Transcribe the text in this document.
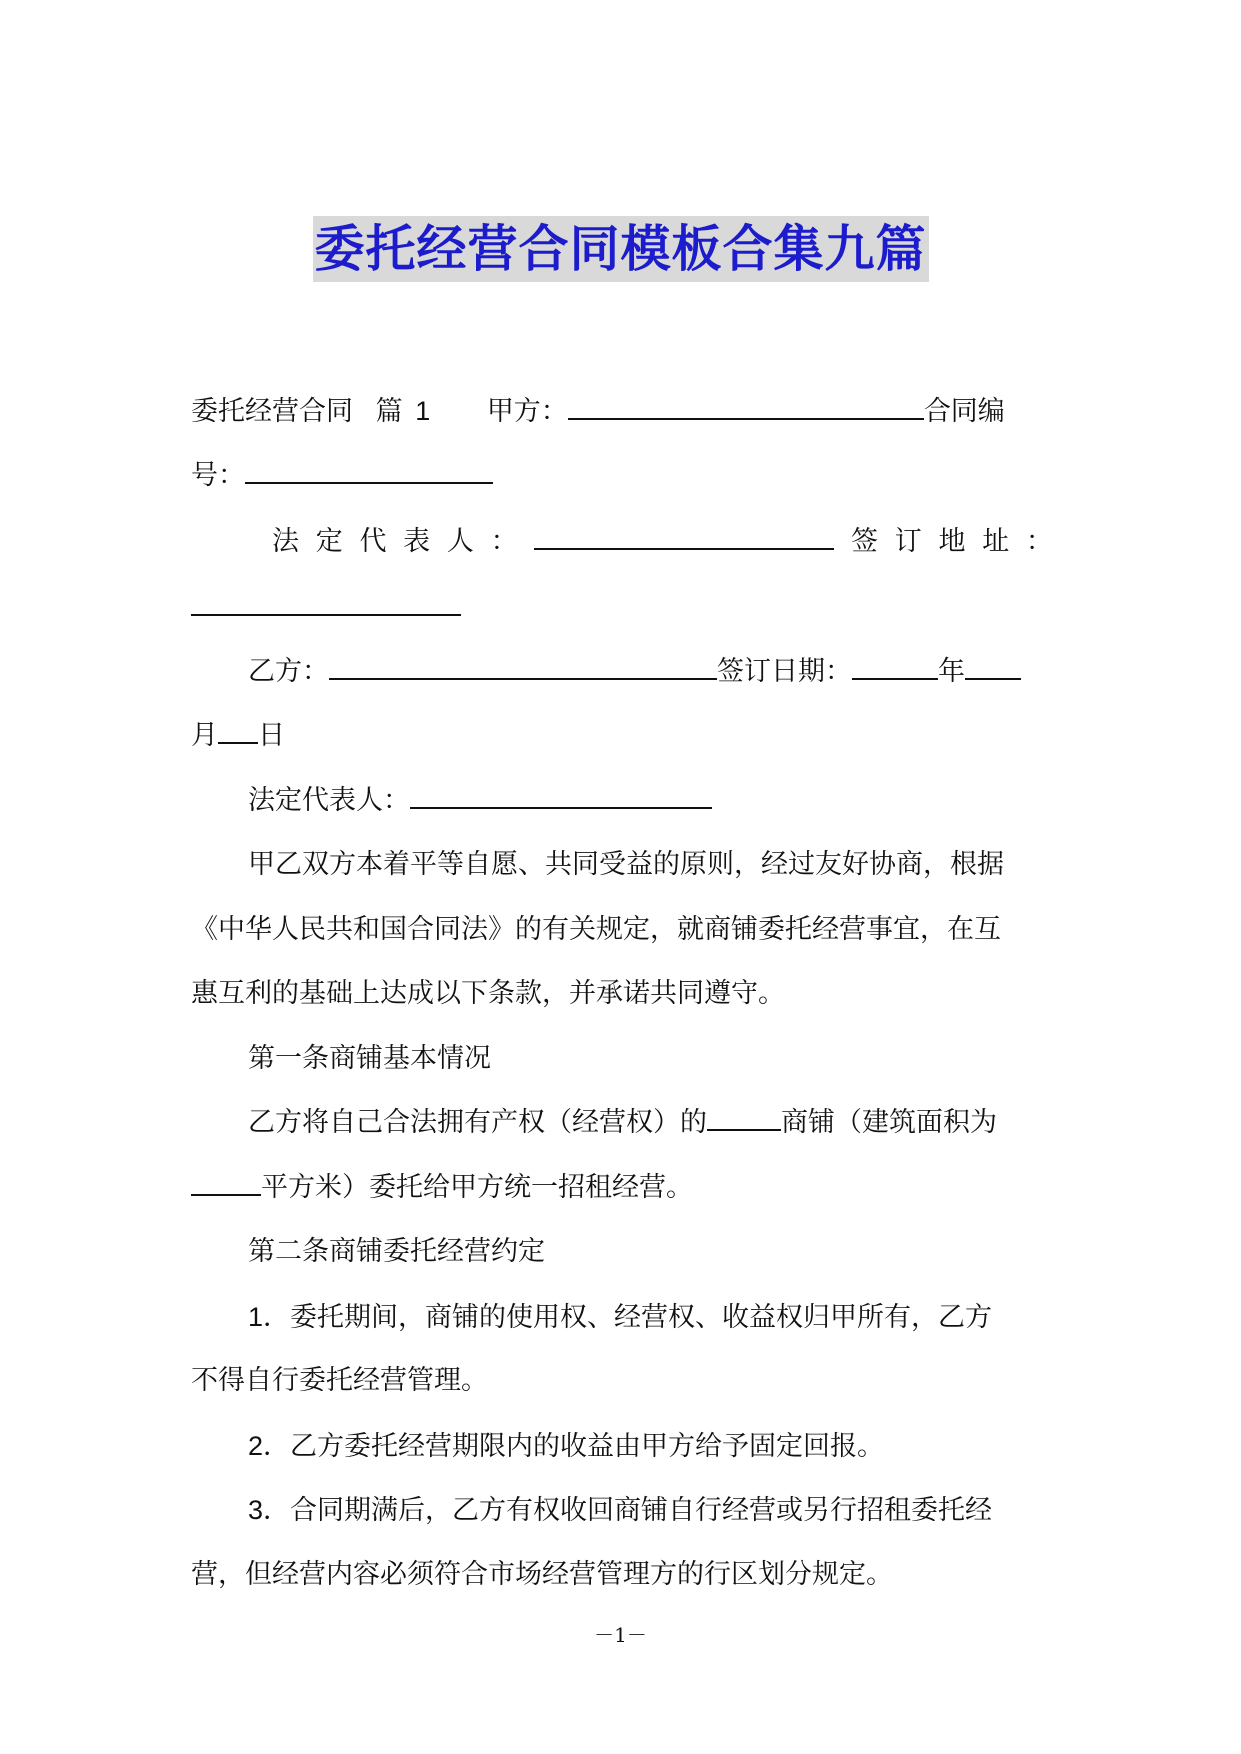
委托经营合同模板合集九篇
委托经营合同 篇 1 甲方：	合同编
号：
法 定 代 表 人 ：	签 订 地 址 ：
乙方：	签订日期：	年
月 日
法定代表人：
甲乙双方本着平等自愿、共同受益的原则，经过友好协商，根据
《中华人民共和国合同法》的有关规定，就商铺委托经营事宜，在互
惠互利的基础上达成以下条款，并承诺共同遵守。
第一条商铺基本情况
乙方将自己合法拥有产权（经营权）的	商铺（建筑面积为
平方米）委托给甲方统一招租经营。
第二条商铺委托经营约定
1．委托期间，商铺的使用权、经营权、收益权归甲所有，乙方
不得自行委托经营管理。
2．乙方委托经营期限内的收益由甲方给予固定回报。
3．合同期满后，乙方有权收回商铺自行经营或另行招租委托经
营，但经营内容必须符合市场经营管理方的行区划分规定。
－1－
